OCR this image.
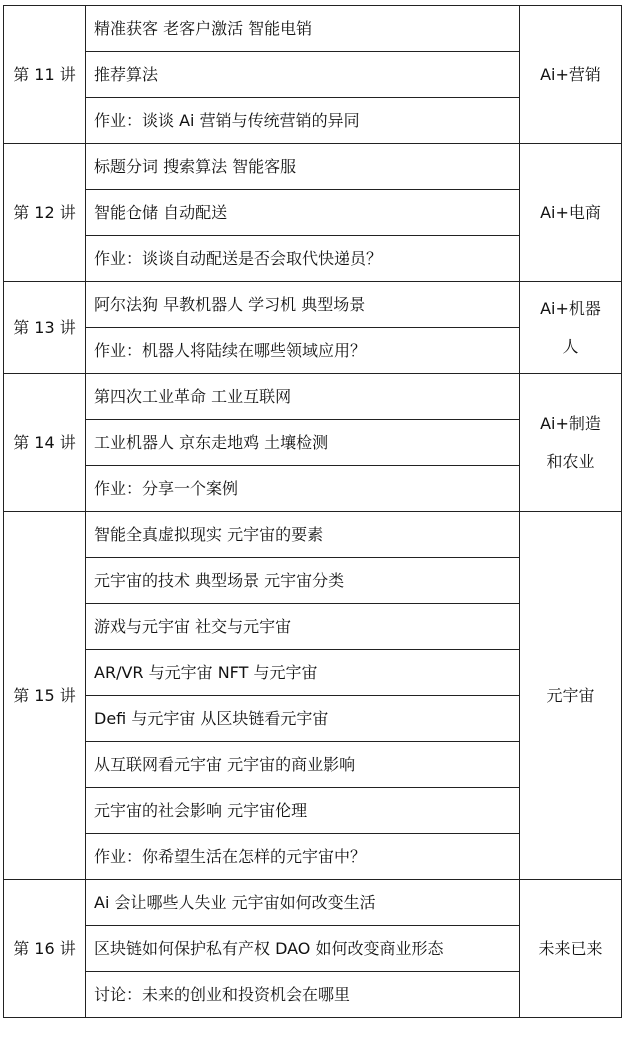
第 11 讲	精准获客 老客户激活 智能电销	Ai+营销
	推荐算法	
	作业：谈谈 Ai 营销与传统营销的异同	
第 12 讲	标题分词 搜索算法 智能客服	Ai+电商
	智能仓储 自动配送	
	作业：谈谈自动配送是否会取代快递员？	
第 13 讲	阿尔法狗 早教机器人 学习机 典型场景	Ai+机器人
	作业：机器人将陆续在哪些领域应用？	
第 14 讲	第四次工业革命 工业互联网	Ai+制造和农业
	工业机器人 京东走地鸡 土壤检测	
	作业：分享一个案例	
第 15 讲	智能全真虚拟现实 元宇宙的要素	元宇宙
	元宇宙的技术 典型场景 元宇宙分类	
	游戏与元宇宙 社交与元宇宙	
	AR/VR 与元宇宙 NFT 与元宇宙	
	Defi 与元宇宙 从区块链看元宇宙	
	从互联网看元宇宙 元宇宙的商业影响	
	元宇宙的社会影响 元宇宙伦理	
	作业：你希望生活在怎样的元宇宙中？	
第 16 讲	Ai 会让哪些人失业 元宇宙如何改变生活	未来已来
	区块链如何保护私有产权 DAO 如何改变商业形态	
	讨论：未来的创业和投资机会在哪里	
